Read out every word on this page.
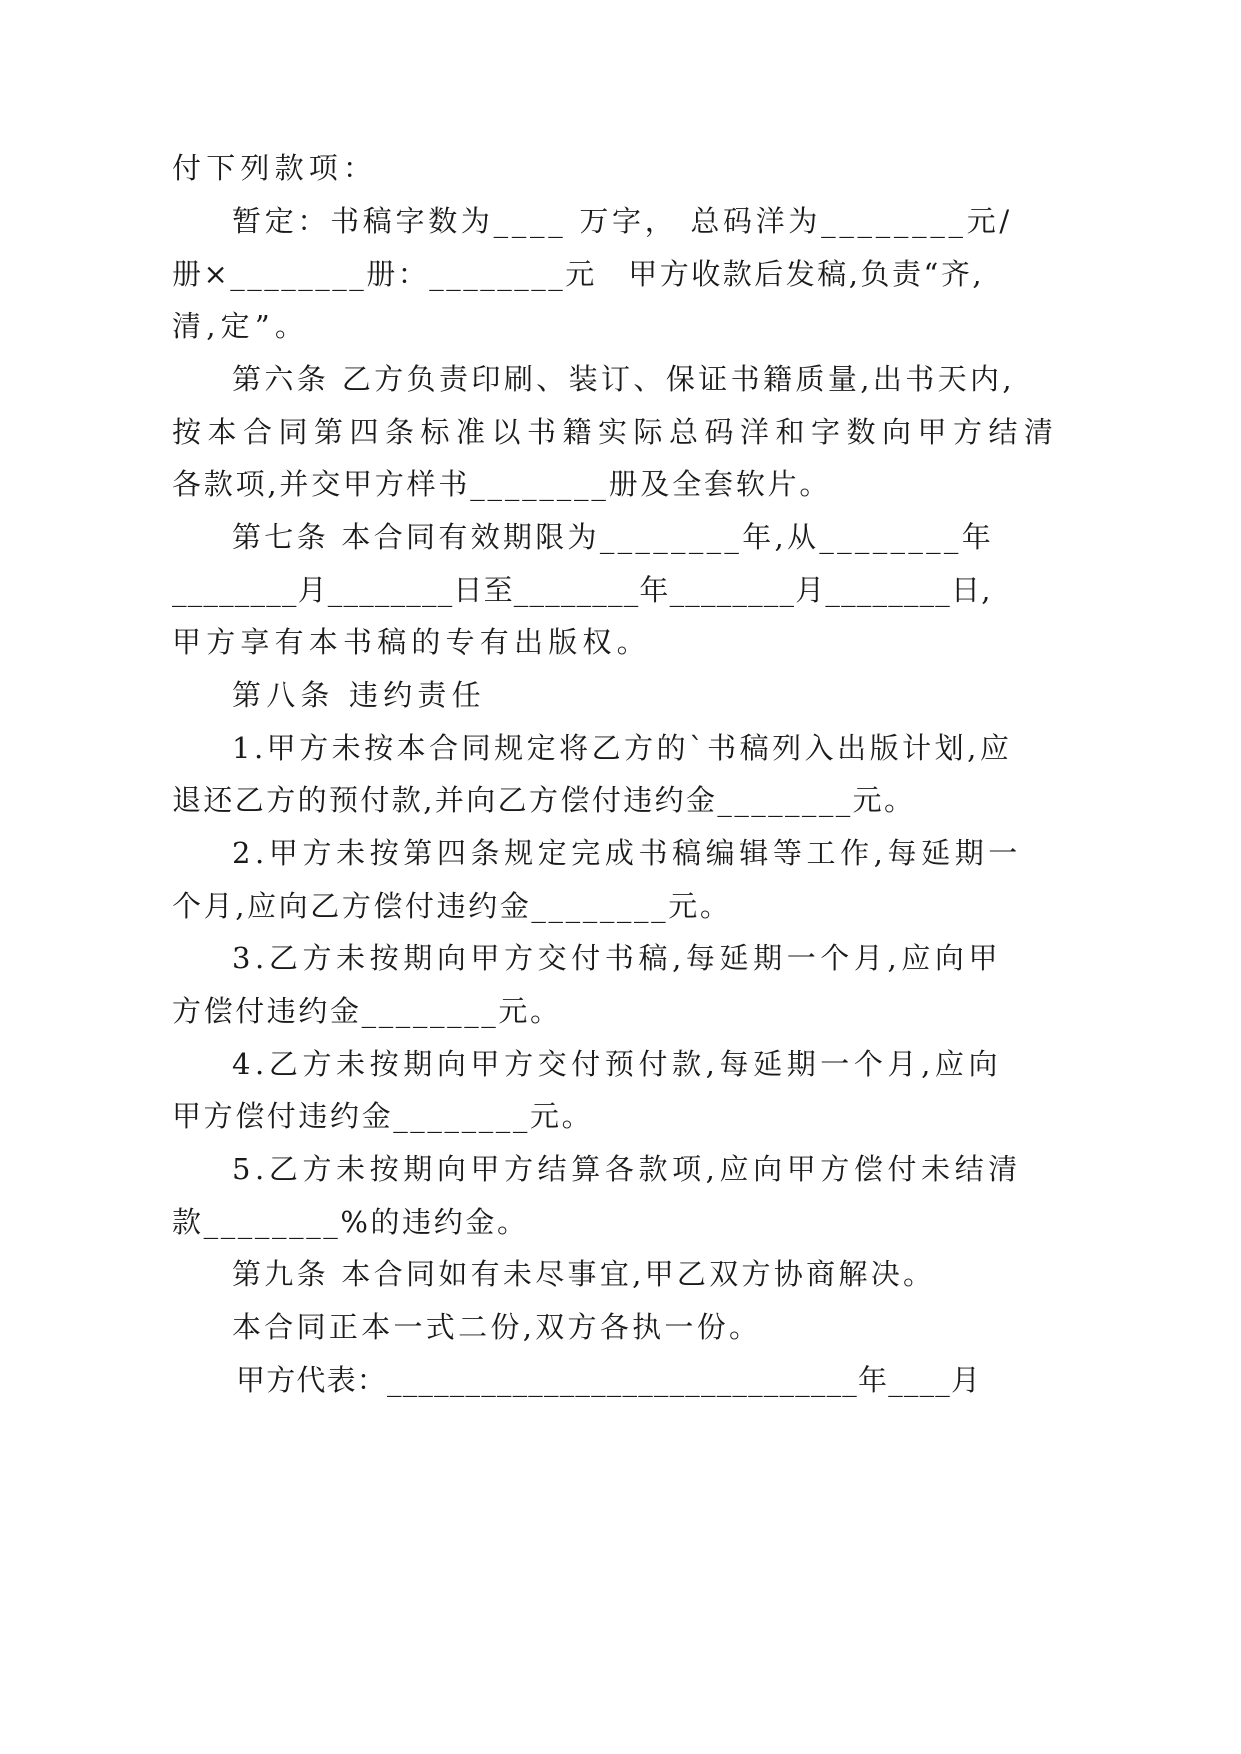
付下列款项：
暂定：书稿字数为____ 万字， 总码洋为________元/
册×________册：________元　甲方收款后发稿,负责“齐,
清,定”。
第六条 乙方负责印刷、装订、保证书籍质量,出书天内,
按本合同第四条标准以书籍实际总码洋和字数向甲方结清
各款项,并交甲方样书________册及全套软片。
第七条 本合同有效期限为________年,从________年
________月________日至________年________月________日,
甲方享有本书稿的专有出版权。
第八条 违约责任
1.甲方未按本合同规定将乙方的`书稿列入出版计划,应
退还乙方的预付款,并向乙方偿付违约金________元。
2.甲方未按第四条规定完成书稿编辑等工作,每延期一
个月,应向乙方偿付违约金________元。
3.乙方未按期向甲方交付书稿,每延期一个月,应向甲
方偿付违约金________元。
4.乙方未按期向甲方交付预付款,每延期一个月,应向
甲方偿付违约金________元。
5.乙方未按期向甲方结算各款项,应向甲方偿付未结清
款________%的违约金。
第九条 本合同如有未尽事宜,甲乙双方协商解决。
本合同正本一式二份,双方各执一份。
甲方代表：______________________________年____月
